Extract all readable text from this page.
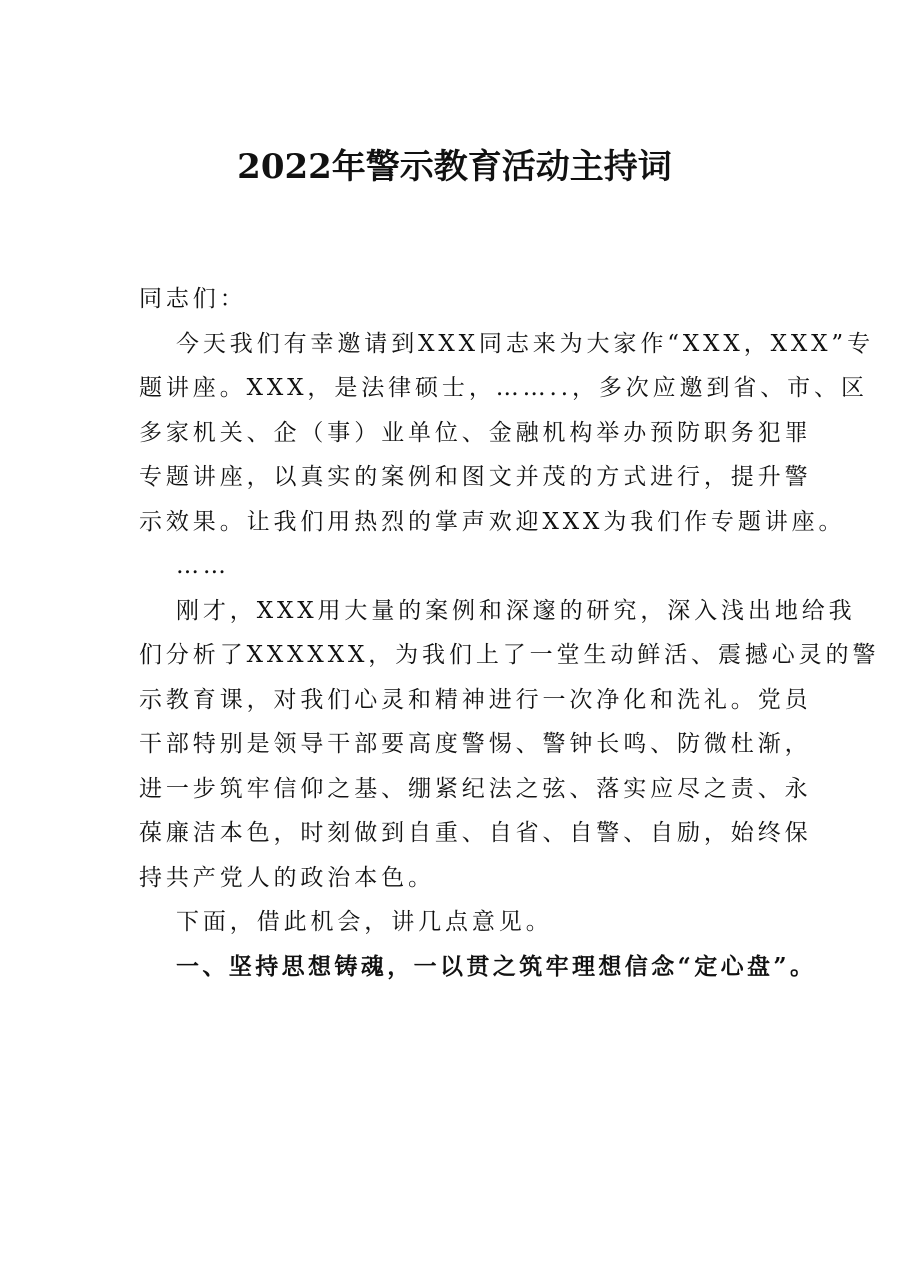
2022年警示教育活动主持词

同志们：

今天我们有幸邀请到XXX同志来为大家作“XXX，XXX”专
题讲座。XXX，是法律硕士，……..，多次应邀到省、市、区
多家机关、企（事）业单位、金融机构举办预防职务犯罪
专题讲座，以真实的案例和图文并茂的方式进行，提升警
示效果。让我们用热烈的掌声欢迎XXX为我们作专题讲座。

……

刚才，XXX用大量的案例和深邃的研究，深入浅出地给我
们分析了XXXXXX，为我们上了一堂生动鲜活、震撼心灵的警
示教育课，对我们心灵和精神进行一次净化和洗礼。党员
干部特别是领导干部要高度警惕、警钟长鸣、防微杜渐，
进一步筑牢信仰之基、绷紧纪法之弦、落实应尽之责、永
葆廉洁本色，时刻做到自重、自省、自警、自励，始终保
持共产党人的政治本色。

下面，借此机会，讲几点意见。

一、坚持思想铸魂，一以贯之筑牢理想信念“定心盘”。
